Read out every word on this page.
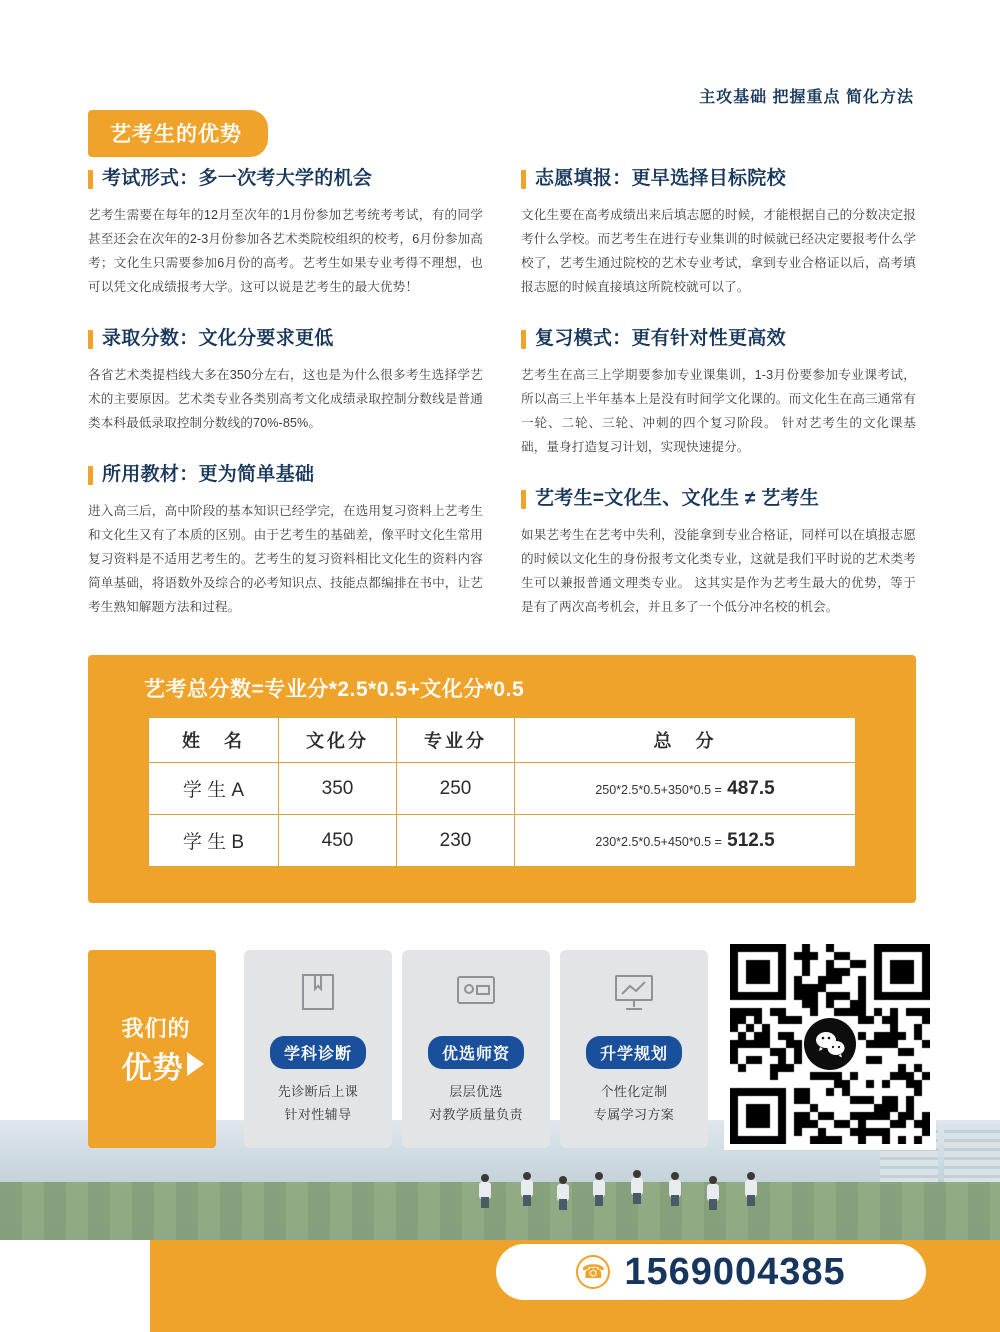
主攻基础 把握重点 简化方法
艺考生的优势
考试形式：多一次考大学的机会

艺考生需要在每年的12月至次年的1月份参加艺考统考考试，有的同学甚至还会在次年的2-3月份参加各艺术类院校组织的校考，6月份参加高考；文化生只需要参加6月份的高考。艺考生如果专业考得不理想，也可以凭文化成绩报考大学。这可以说是艺考生的最大优势！

录取分数：文化分要求更低

各省艺术类提档线大多在350分左右，这也是为什么很多考生选择学艺术的主要原因。艺术类专业各类别高考文化成绩录取控制分数线是普通类本科最低录取控制分数线的70%-85%。

所用教材：更为简单基础

进入高三后，高中阶段的基本知识已经学完，在选用复习资料上艺考生和文化生又有了本质的区别。由于艺考生的基础差，像平时文化生常用复习资料是不适用艺考生的。艺考生的复习资料相比文化生的资料内容简单基础，将语数外及综合的必考知识点、技能点都编排在书中，让艺考生熟知解题方法和过程。

志愿填报：更早选择目标院校

文化生要在高考成绩出来后填志愿的时候，才能根据自己的分数决定报考什么学校。而艺考生在进行专业集训的时候就已经决定要报考什么学校了，艺考生通过院校的艺术专业考试，拿到专业合格证以后，高考填报志愿的时候直接填这所院校就可以了。

复习模式：更有针对性更高效

艺考生在高三上学期要参加专业课集训，1-3月份要参加专业课考试，所以高三上半年基本上是没有时间学文化课的。而文化生在高三通常有一轮、二轮、三轮、冲刺的四个复习阶段。 针对艺考生的文化课基础，量身打造复习计划，实现快速提分。

艺考生=文化生、文化生 ≠ 艺考生

如果艺考生在艺考中失利，没能拿到专业合格证，同样可以在填报志愿的时候以文化生的身份报考文化类专业，这就是我们平时说的艺术类考生可以兼报普通文理类专业。 这其实是作为艺考生最大的优势，等于是有了两次高考机会，并且多了一个低分冲名校的机会。

艺考总分数=专业分*2.5*0.5+文化分*0.5
姓　名	文化分	专业分	总　分
学 生 A	350	250	250*2.5*0.5+350*0.5 = 487.5
学 生 B	450	230	230*2.5*0.5+450*0.5 = 512.5
我们的
优势	学科诊断
先诊断后上课
针对性辅导
优选师资
层层优选
对教学质量负责
升学规划
个性化定制
专属学习方案
☎ 1569004385
